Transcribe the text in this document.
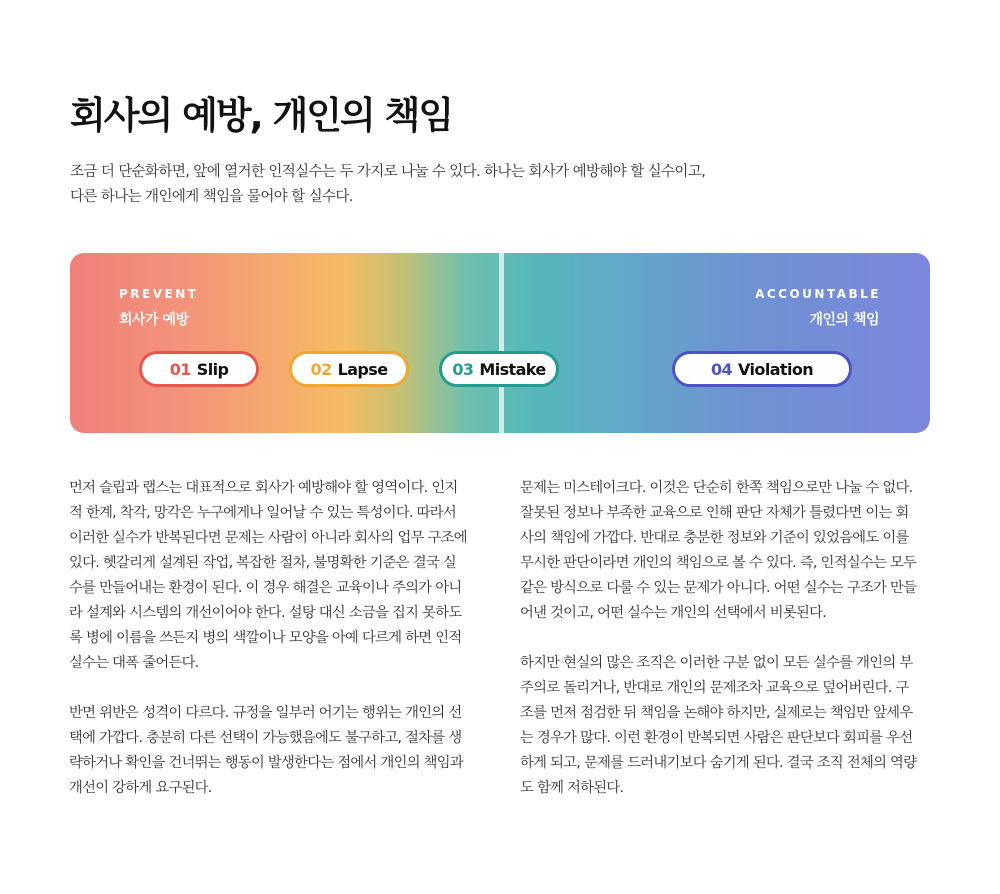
회사의 예방, 개인의 책임

조금 더 단순화하면, 앞에 열거한 인적실수는 두 가지로 나눌 수 있다. 하나는 회사가 예방해야 할 실수이고,

다른 하나는 개인에게 책임을 물어야 할 실수다.

PREVENT
회사가 예방
ACCOUNTABLE
개인의 책임
01 Slip	02 Lapse	03 Mistake	04 Violation

먼저 슬립과 랩스는 대표적으로 회사가 예방해야 할 영역이다. 인지적 한계, 착각, 망각은 누구에게나 일어날 수 있는 특성이다. 따라서 이러한 실수가 반복된다면 문제는 사람이 아니라 회사의 업무 구조에 있다. 헷갈리게 설계된 작업, 복잡한 절차, 불명확한 기준은 결국 실수를 만들어내는 환경이 된다. 이 경우 해결은 교육이나 주의가 아니라 설계와 시스템의 개선이어야 한다. 설탕 대신 소금을 집지 못하도록 병에 이름을 쓰든지 병의 색깔이나 모양을 아예 다르게 하면 인적실수는 대폭 줄어든다.

반면 위반은 성격이 다르다. 규정을 일부러 어기는 행위는 개인의 선택에 가깝다. 충분히 다른 선택이 가능했음에도 불구하고, 절차를 생략하거나 확인을 건너뛰는 행동이 발생한다는 점에서 개인의 책임과 개선이 강하게 요구된다.

문제는 미스테이크다. 이것은 단순히 한쪽 책임으로만 나눌 수 없다. 잘못된 정보나 부족한 교육으로 인해 판단 자체가 틀렸다면 이는 회사의 책임에 가깝다. 반대로 충분한 정보와 기준이 있었음에도 이를 무시한 판단이라면 개인의 책임으로 볼 수 있다. 즉, 인적실수는 모두 같은 방식으로 다룰 수 있는 문제가 아니다. 어떤 실수는 구조가 만들어낸 것이고, 어떤 실수는 개인의 선택에서 비롯된다.

하지만 현실의 많은 조직은 이러한 구분 없이 모든 실수를 개인의 부주의로 돌리거나, 반대로 개인의 문제조차 교육으로 덮어버린다. 구조를 먼저 점검한 뒤 책임을 논해야 하지만, 실제로는 책임만 앞세우는 경우가 많다. 이런 환경이 반복되면 사람은 판단보다 회피를 우선하게 되고, 문제를 드러내기보다 숨기게 된다. 결국 조직 전체의 역량도 함께 저하된다.
